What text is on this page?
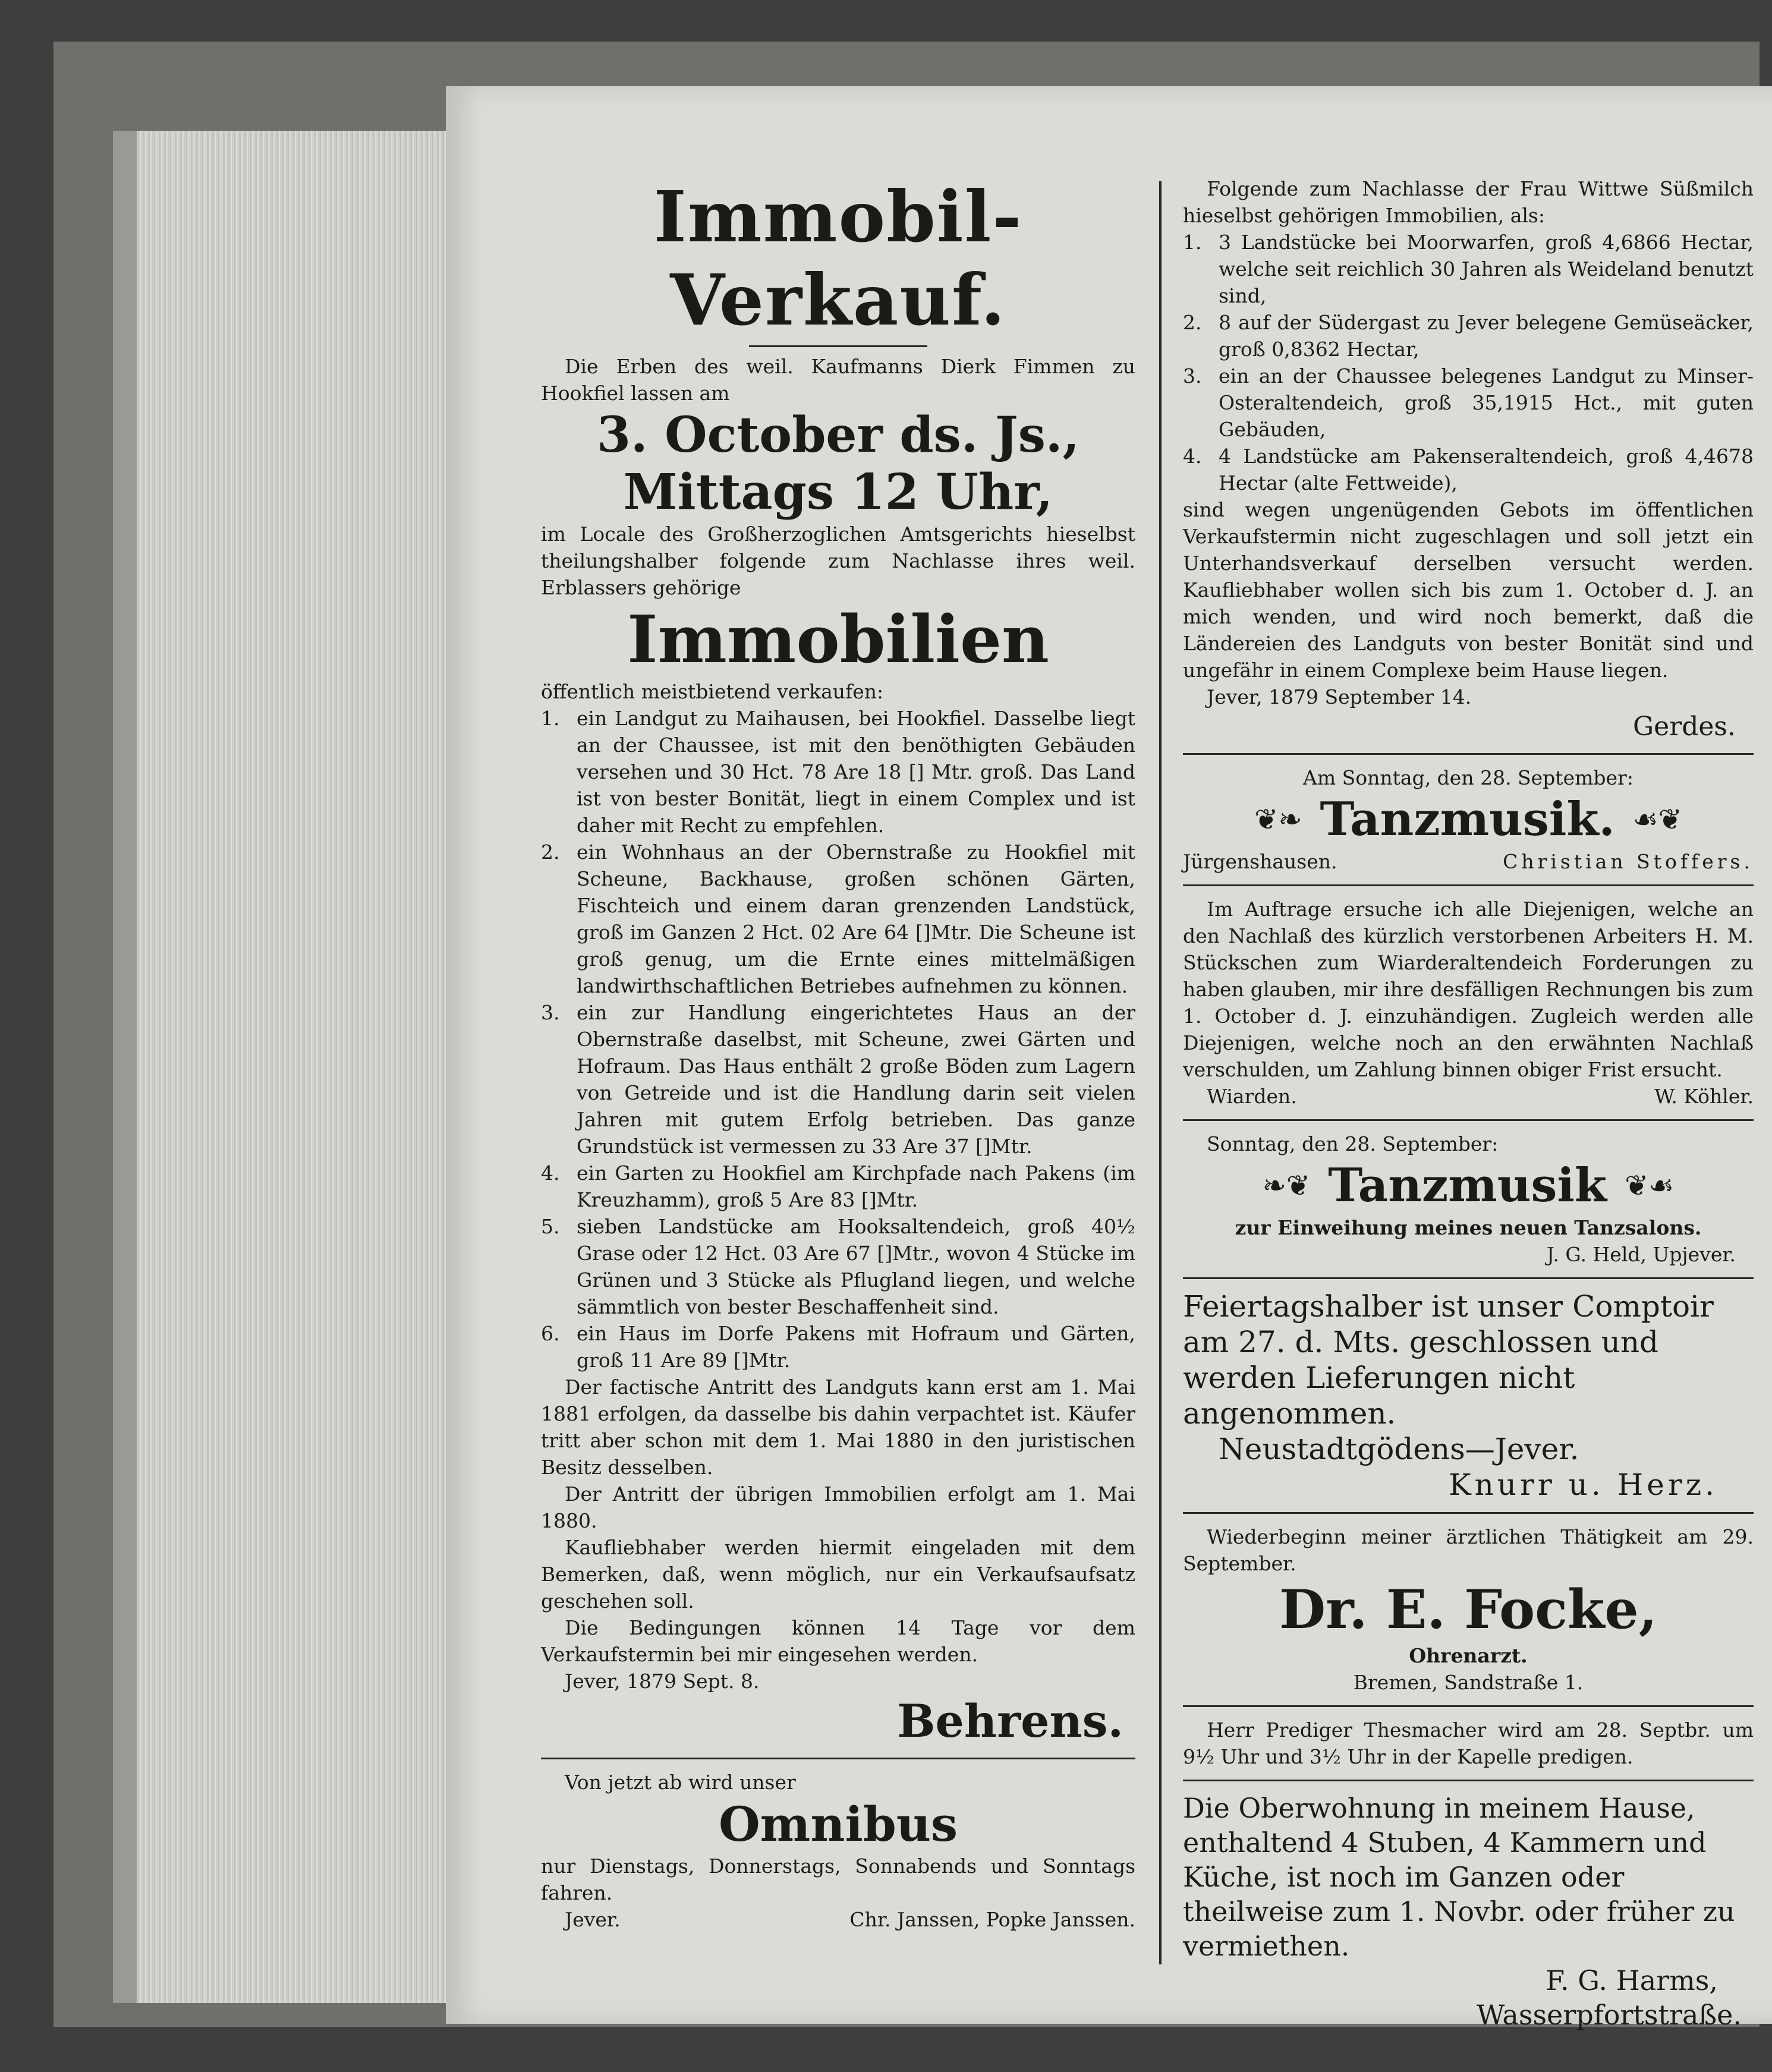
Immobil-Verkauf.

Die Erben des weil. Kaufmanns Dierk Fimmen zu Hookfiel lassen am

3. October ds. Js.,
Mittags 12 Uhr,

im Locale des Großherzoglichen Amtsgerichts hieselbst theilungshalber folgende zum Nachlasse ihres weil. Erblassers gehörige

Immobilien

öffentlich meistbietend verkaufen:

1. ein Landgut zu Maihausen, bei Hookfiel. Dasselbe liegt an der Chaussee, ist mit den benöthigten Gebäuden versehen und 30 Hct. 78 Are 18 [] Mtr. groß. Das Land ist von bester Bonität, liegt in einem Complex und ist daher mit Recht zu empfehlen.
2. ein Wohnhaus an der Obernstraße zu Hookfiel mit Scheune, Backhause, großen schönen Gärten, Fischteich und einem daran grenzenden Landstück, groß im Ganzen 2 Hct. 02 Are 64 []Mtr. Die Scheune ist groß genug, um die Ernte eines mittelmäßigen landwirthschaftlichen Betriebes aufnehmen zu können.
3. ein zur Handlung eingerichtetes Haus an der Obernstraße daselbst, mit Scheune, zwei Gärten und Hofraum. Das Haus enthält 2 große Böden zum Lagern von Getreide und ist die Handlung darin seit vielen Jahren mit gutem Erfolg betrieben. Das ganze Grundstück ist vermessen zu 33 Are 37 []Mtr.
4. ein Garten zu Hookfiel am Kirchpfade nach Pakens (im Kreuzhamm), groß 5 Are 83 []Mtr.
5. sieben Landstücke am Hooksaltendeich, groß 40½ Grase oder 12 Hct. 03 Are 67 []Mtr., wovon 4 Stücke im Grünen und 3 Stücke als Pflugland liegen, und welche sämmtlich von bester Beschaffenheit sind.
6. ein Haus im Dorfe Pakens mit Hofraum und Gärten, groß 11 Are 89 []Mtr.

Der factische Antritt des Landguts kann erst am 1. Mai 1881 erfolgen, da dasselbe bis dahin verpachtet ist. Käufer tritt aber schon mit dem 1. Mai 1880 in den juristischen Besitz desselben.

Der Antritt der übrigen Immobilien erfolgt am 1. Mai 1880.

Kaufliebhaber werden hiermit eingeladen mit dem Bemerken, daß, wenn möglich, nur ein Verkaufsaufsatz geschehen soll.

Die Bedingungen können 14 Tage vor dem Verkaufstermin bei mir eingesehen werden.

Jever, 1879 Sept. 8.

Behrens.

Von jetzt ab wird unser

Omnibus

nur Dienstags, Donnerstags, Sonnabends und Sonntags fahren.

Jever.	Chr. Janssen, Popke Janssen.

Folgende zum Nachlasse der Frau Wittwe Süßmilch hieselbst gehörigen Immobilien, als:

1. 3 Landstücke bei Moorwarfen, groß 4,6866 Hectar, welche seit reichlich 30 Jahren als Weideland benutzt sind,
2. 8 auf der Südergast zu Jever belegene Gemüseäcker, groß 0,8362 Hectar,
3. ein an der Chaussee belegenes Landgut zu Minser-Osteraltendeich, groß 35,1915 Hct., mit guten Gebäuden,
4. 4 Landstücke am Pakenseraltendeich, groß 4,4678 Hectar (alte Fettweide),

sind wegen ungenügenden Gebots im öffentlichen Verkaufstermin nicht zugeschlagen und soll jetzt ein Unterhandsverkauf derselben versucht werden. Kaufliebhaber wollen sich bis zum 1. October d. J. an mich wenden, und wird noch bemerkt, daß die Ländereien des Landguts von bester Bonität sind und ungefähr in einem Complexe beim Hause liegen.

Jever, 1879 September 14.

Gerdes.

Am Sonntag, den 28. September:

❦❧ Tanzmusik. ☙❦
Jürgenshausen.	Christian Stoffers.

Im Auftrage ersuche ich alle Diejenigen, welche an den Nachlaß des kürzlich verstorbenen Arbeiters H. M. Stückschen zum Wiarderaltendeich Forderungen zu haben glauben, mir ihre desfälligen Rechnungen bis zum 1. October d. J. einzuhändigen. Zugleich werden alle Diejenigen, welche noch an den erwähnten Nachlaß verschulden, um Zahlung binnen obiger Frist ersucht.

Wiarden.	W. Köhler.

Sonntag, den 28. September:

❧❦ Tanzmusik ❦☙

zur Einweihung meines neuen Tanzsalons.

J. G. Held, Upjever.

Feiertagshalber ist unser Comptoir am 27. d. Mts. geschlossen und werden Lieferungen nicht angenommen.

Neustadtgödens—Jever.

Knurr u. Herz.

Wiederbeginn meiner ärztlichen Thätigkeit am 29. September.

Dr. E. Focke,

Ohrenarzt.

Bremen, Sandstraße 1.

Herr Prediger Thesmacher wird am 28. Septbr. um 9½ Uhr und 3½ Uhr in der Kapelle predigen.

Die Oberwohnung in meinem Hause, enthaltend 4 Stuben, 4 Kammern und Küche, ist noch im Ganzen oder theilweise zum 1. Novbr. oder früher zu vermiethen.

F. G. Harms,

Wasserpfortstraße.
